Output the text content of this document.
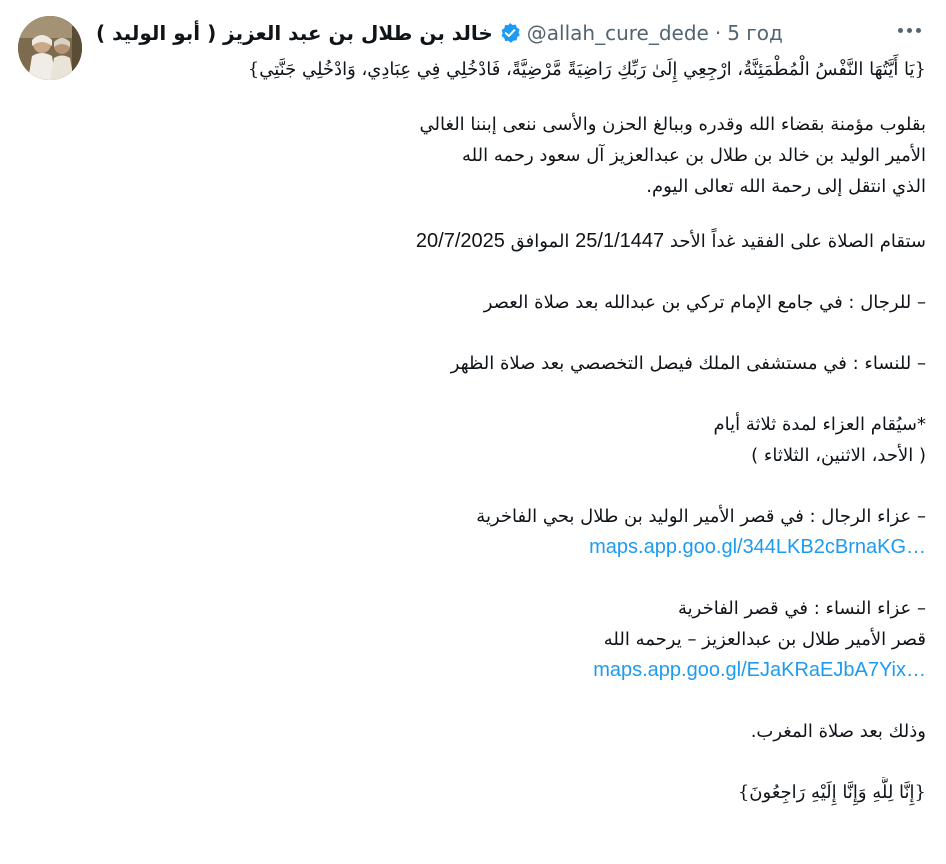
خالد بن طلال بن عبد العزيز ( أبو الوليد ) @allah_cure_dede · 5 год
{يَا أَيَّتُهَا النَّفْسُ الْمُطْمَئِنَّةُ، ارْجِعِي إِلَىٰ رَبِّكِ رَاضِيَةً مَّرْضِيَّةً، فَادْخُلِي فِي عِبَادِي، وَادْخُلِي جَنَّتِي}
بقلوب مؤمنة بقضاء الله وقدره وببالغ الحزن والأسى ننعى إبننا الغالي
الأمير الوليد بن خالد بن طلال بن عبدالعزيز آل سعود رحمه الله
الذي انتقل إلى رحمة الله تعالى اليوم.
ستقام الصلاة على الفقيد غداً الأحد 25/1/1447 الموافق 20/7/2025
– للرجال : في جامع الإمام تركي بن عبدالله بعد صلاة العصر
– للنساء : في مستشفى الملك فيصل التخصصي بعد صلاة الظهر
*سيُقام العزاء لمدة ثلاثة أيام
( الأحد، الاثنين، الثلاثاء )
– عزاء الرجال : في قصر الأمير الوليد بن طلال بحي الفاخرية
maps.app.goo.gl/344LKB2cBrnaKG…
– عزاء النساء : في قصر الفاخرية
قصر الأمير طلال بن عبدالعزيز – يرحمه الله
maps.app.goo.gl/EJaKRaEJbA7Yix…
وذلك بعد صلاة المغرب.
{إِنَّا لِلَّهِ وَإِنَّا إِلَيْهِ رَاجِعُونَ}
